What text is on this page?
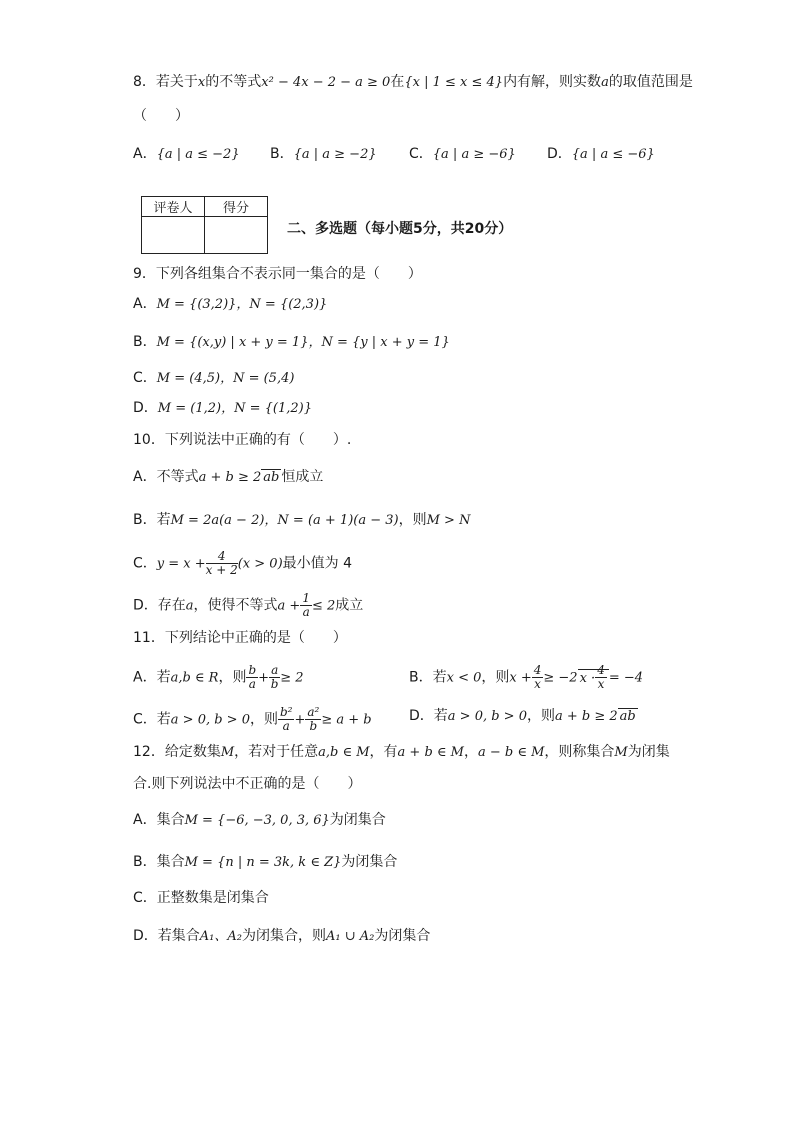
8．若关于x的不等式x² − 4x − 2 − a ≥ 0在{x | 1 ≤ x ≤ 4}内有解，则实数a的取值范围是
（　　）
A．{a | a ≤ −2} B．{a | a ≥ −2} C．{a | a ≥ −6} D．{a | a ≤ −6}
评卷人	得分

二、多选题（每小题5分，共20分）
9．下列各组集合不表示同一集合的是（　　）
A．M = {(3,2)}，N = {(2,3)}
B．M = {(x,y) | x + y = 1}，N = {y | x + y = 1}
C．M = (4,5)，N = (5,4)
D．M = (1,2)，N = {(1,2)}
10．下列说法中正确的有（　　）.
A．不等式a + b ≥ 2 ab 恒成立
B．若M = 2a(a − 2)，N = (a + 1)(a − 3)，则M > N
C．$y = x + \frac{4}{x + 2} (x > 0)$最小值为 4
D．存在a，使得不等式$a + \frac{1}{a} \le 2$成立
11．下列结论中正确的是（　　）
A．若a,b ∈ R，则 $\frac{b}{a} + \frac{a}{b} \ge 2$	B．若x < 0，则$x + \frac{4}{x} \ge -2$ $x \cdot \frac{4}{x} = -4$
C．若a > 0, b > 0，则 $\frac{\text{b²}}{a} + \frac{\text{a²}}{b} \ge a + b$	D．若a > 0, b > 0，则a + b ≥ 2 ab
12．给定数集M，若对于任意a,b ∈ M，有a + b ∈ M，a − b ∈ M，则称集合M为闭集
合.则下列说法中不正确的是（　　）
A．集合M = {−6, −3, 0, 3, 6}为闭集合
B．集合M = {n | n = 3k, k ∈ Z}为闭集合
C．正整数集是闭集合
D．若集合A₁、A₂为闭集合，则A₁ ∪ A₂为闭集合
